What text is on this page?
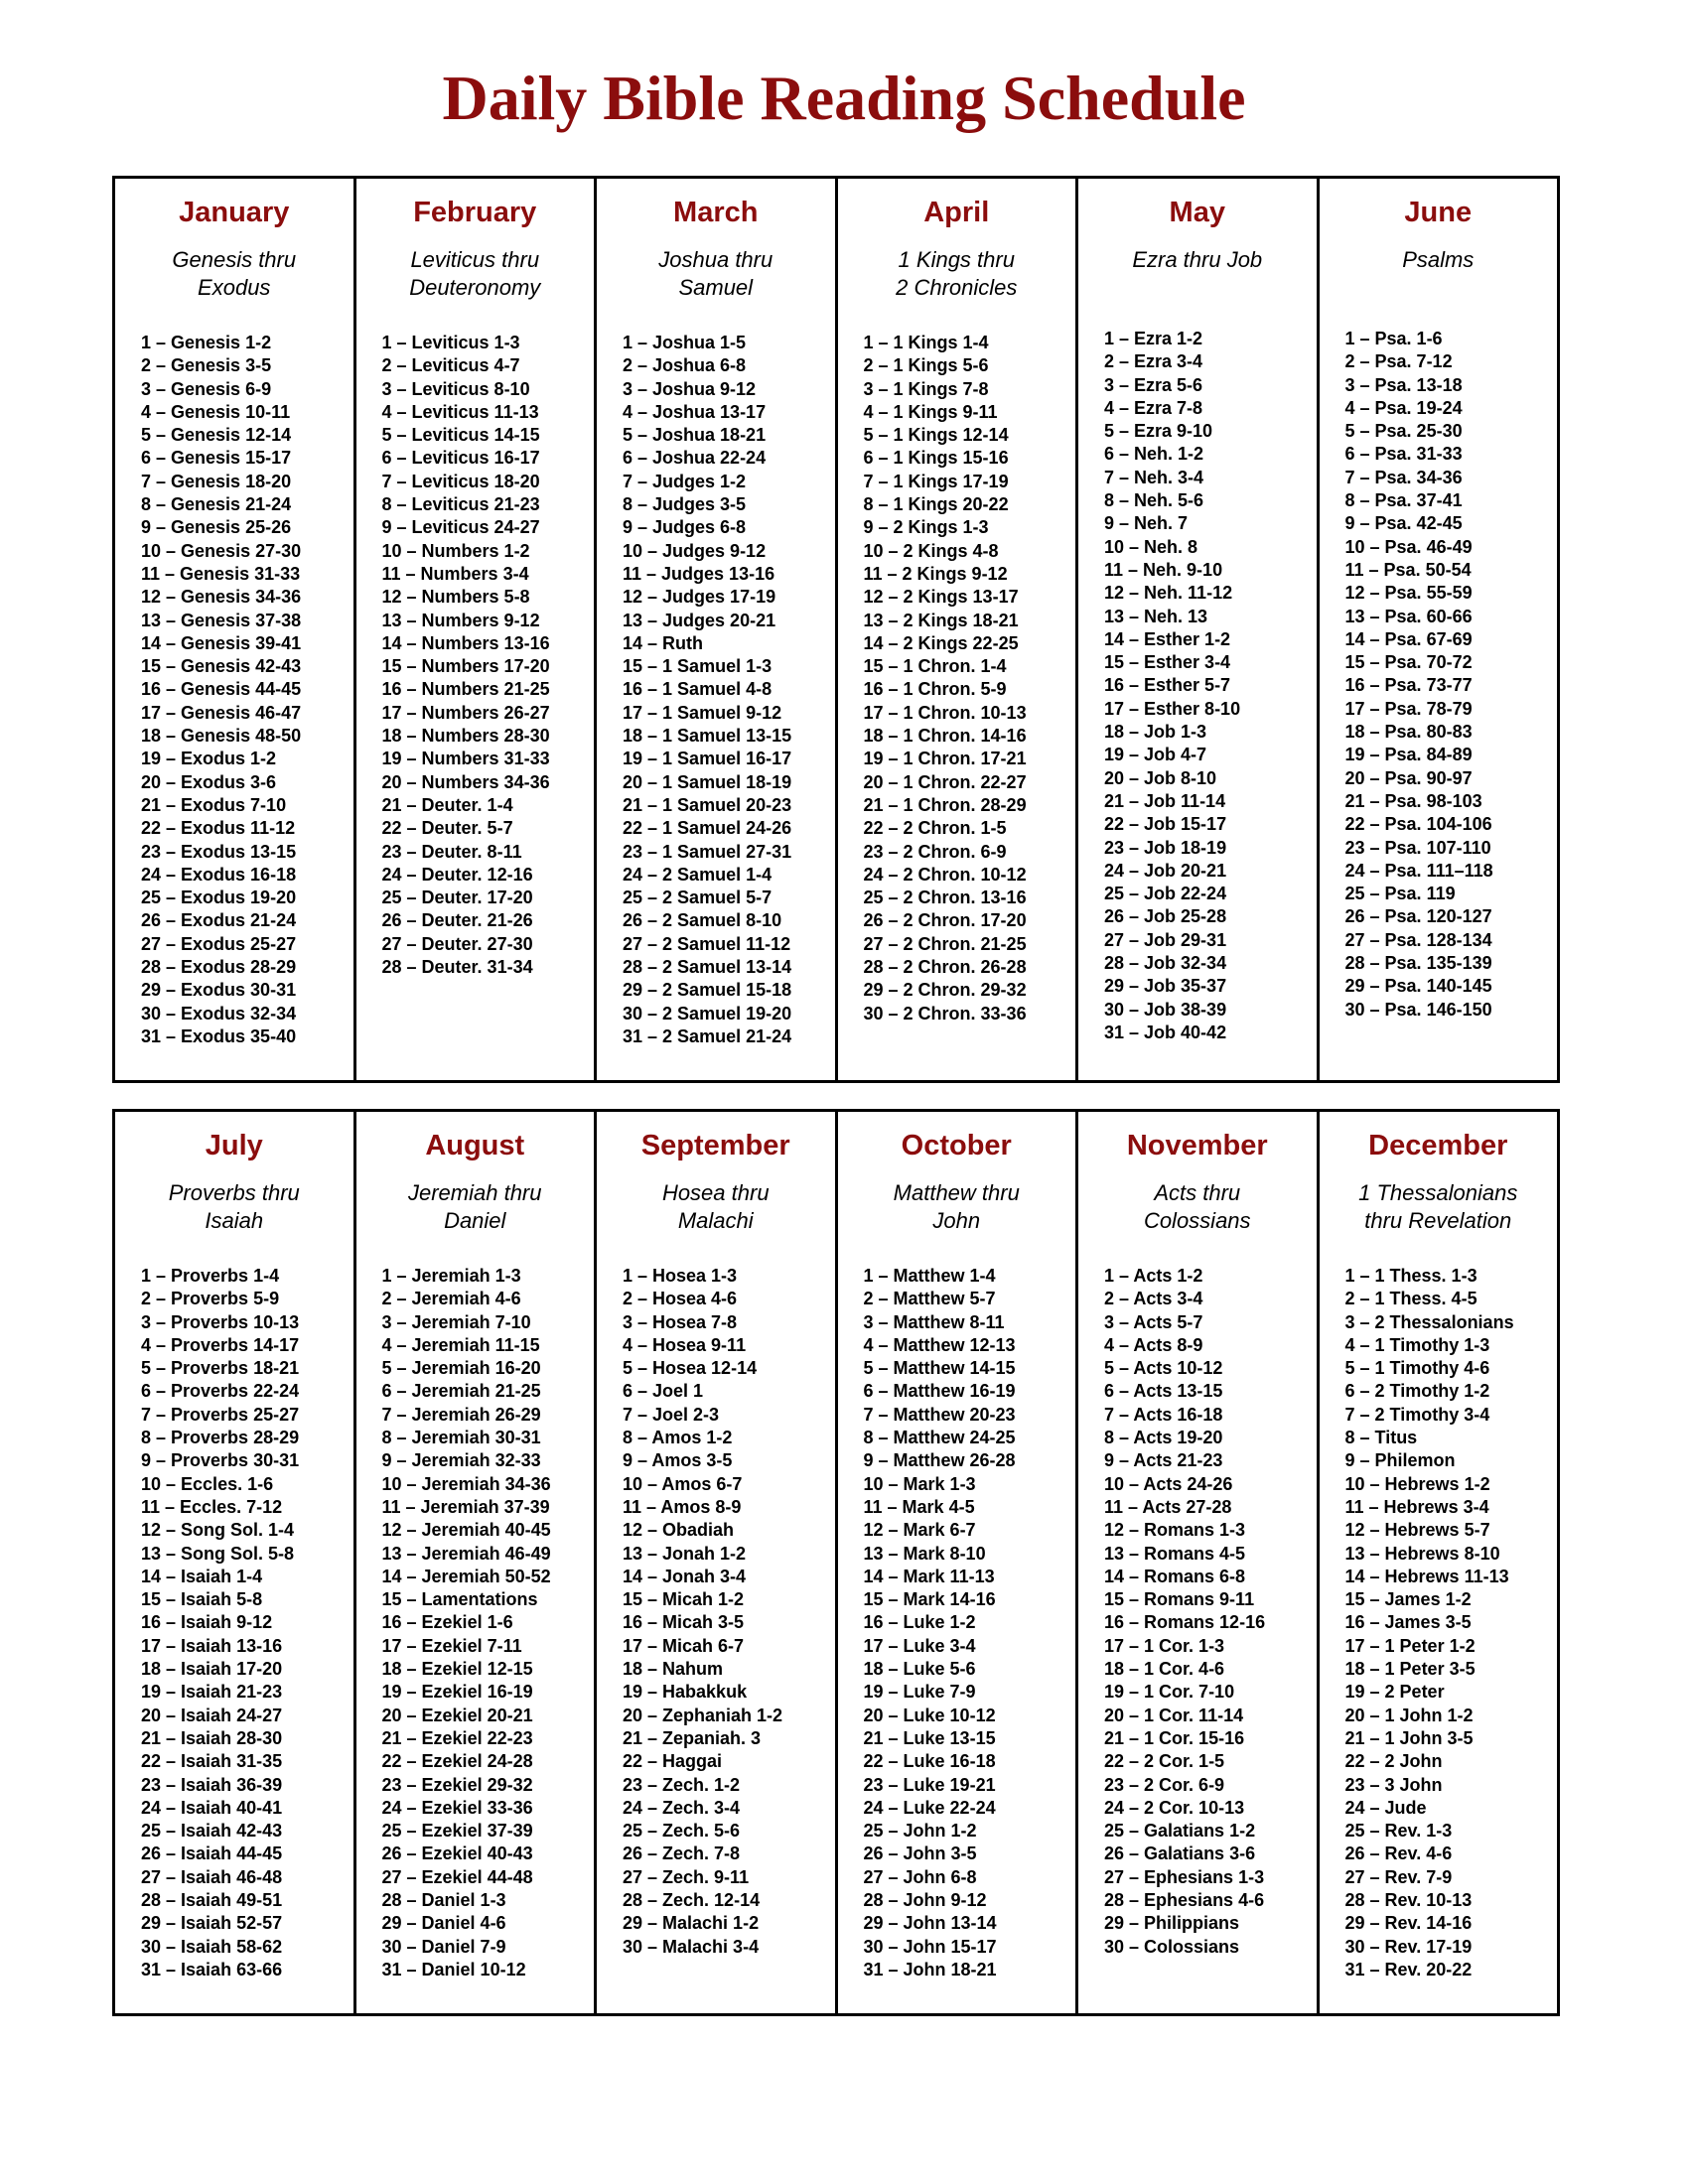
Daily Bible Reading Schedule
January
Genesis thru
Exodus
1 – Genesis 1-2
2 – Genesis 3-5
3 – Genesis 6-9
4 – Genesis 10-11
5 – Genesis 12-14
6 – Genesis 15-17
7 – Genesis 18-20
8 – Genesis 21-24
9 – Genesis 25-26
10 – Genesis 27-30
11 – Genesis 31-33
12 – Genesis 34-36
13 – Genesis 37-38
14 – Genesis 39-41
15 – Genesis 42-43
16 – Genesis 44-45
17 – Genesis 46-47
18 – Genesis 48-50
19 – Exodus 1-2
20 – Exodus 3-6
21 – Exodus 7-10
22 – Exodus 11-12
23 – Exodus 13-15
24 – Exodus 16-18
25 – Exodus 19-20
26 – Exodus 21-24
27 – Exodus 25-27
28 – Exodus 28-29
29 – Exodus 30-31
30 – Exodus 32-34
31 – Exodus 35-40
February
Leviticus thru
Deuteronomy
1 – Leviticus 1-3
2 – Leviticus 4-7
3 – Leviticus 8-10
4 – Leviticus 11-13
5 – Leviticus 14-15
6 – Leviticus 16-17
7 – Leviticus 18-20
8 – Leviticus 21-23
9 – Leviticus 24-27
10 – Numbers 1-2
11 – Numbers 3-4
12 – Numbers 5-8
13 – Numbers 9-12
14 – Numbers 13-16
15 – Numbers 17-20
16 – Numbers 21-25
17 – Numbers 26-27
18 – Numbers 28-30
19 – Numbers 31-33
20 – Numbers 34-36
21 – Deuter. 1-4
22 – Deuter. 5-7
23 – Deuter. 8-11
24 – Deuter. 12-16
25 – Deuter. 17-20
26 – Deuter. 21-26
27 – Deuter. 27-30
28 – Deuter. 31-34
March
Joshua thru
Samuel
1 – Joshua 1-5
2 – Joshua 6-8
3 – Joshua 9-12
4 – Joshua 13-17
5 – Joshua 18-21
6 – Joshua 22-24
7 – Judges 1-2
8 – Judges 3-5
9 – Judges 6-8
10 – Judges 9-12
11 – Judges 13-16
12 – Judges 17-19
13 – Judges 20-21
14 – Ruth
15 – 1 Samuel 1-3
16 – 1 Samuel 4-8
17 – 1 Samuel 9-12
18 – 1 Samuel 13-15
19 – 1 Samuel 16-17
20 – 1 Samuel 18-19
21 – 1 Samuel 20-23
22 – 1 Samuel 24-26
23 – 1 Samuel 27-31
24 – 2 Samuel 1-4
25 – 2 Samuel 5-7
26 – 2 Samuel 8-10
27 – 2 Samuel 11-12
28 – 2 Samuel 13-14
29 – 2 Samuel 15-18
30 – 2 Samuel 19-20
31 – 2 Samuel 21-24
April
1 Kings thru
2 Chronicles
1 – 1 Kings 1-4
2 – 1 Kings 5-6
3 – 1 Kings 7-8
4 – 1 Kings 9-11
5 – 1 Kings 12-14
6 – 1 Kings 15-16
7 – 1 Kings 17-19
8 – 1 Kings 20-22
9 – 2 Kings 1-3
10 – 2 Kings 4-8
11 – 2 Kings 9-12
12 – 2 Kings 13-17
13 – 2 Kings 18-21
14 – 2 Kings 22-25
15 – 1 Chron. 1-4
16 – 1 Chron. 5-9
17 – 1 Chron. 10-13
18 – 1 Chron. 14-16
19 – 1 Chron. 17-21
20 – 1 Chron. 22-27
21 – 1 Chron. 28-29
22 – 2 Chron. 1-5
23 – 2 Chron. 6-9
24 – 2 Chron. 10-12
25 – 2 Chron. 13-16
26 – 2 Chron. 17-20
27 – 2 Chron. 21-25
28 – 2 Chron. 26-28
29 – 2 Chron. 29-32
30 – 2 Chron. 33-36
May
Ezra thru Job
1 – Ezra 1-2
2 – Ezra 3-4
3 – Ezra 5-6
4 – Ezra 7-8
5 – Ezra 9-10
6 – Neh. 1-2
7 – Neh. 3-4
8 – Neh. 5-6
9 – Neh. 7
10 – Neh. 8
11 – Neh. 9-10
12 – Neh. 11-12
13 – Neh. 13
14 – Esther 1-2
15 – Esther 3-4
16 – Esther 5-7
17 – Esther 8-10
18 – Job 1-3
19 – Job 4-7
20 – Job 8-10
21 – Job 11-14
22 – Job 15-17
23 – Job 18-19
24 – Job 20-21
25 – Job 22-24
26 – Job 25-28
27 – Job 29-31
28 – Job 32-34
29 – Job 35-37
30 – Job 38-39
31 – Job 40-42
June
Psalms
1 – Psa. 1-6
2 – Psa. 7-12
3 – Psa. 13-18
4 – Psa. 19-24
5 – Psa. 25-30
6 – Psa. 31-33
7 – Psa. 34-36
8 – Psa. 37-41
9 – Psa. 42-45
10 – Psa. 46-49
11 – Psa. 50-54
12 – Psa. 55-59
13 – Psa. 60-66
14 – Psa. 67-69
15 – Psa. 70-72
16 – Psa. 73-77
17 – Psa. 78-79
18 – Psa. 80-83
19 – Psa. 84-89
20 – Psa. 90-97
21 – Psa. 98-103
22 – Psa. 104-106
23 – Psa. 107-110
24 – Psa. 111–118
25 – Psa. 119
26 – Psa. 120-127
27 – Psa. 128-134
28 – Psa. 135-139
29 – Psa. 140-145
30 – Psa. 146-150
July
Proverbs thru
Isaiah
1 – Proverbs 1-4
2 – Proverbs 5-9
3 – Proverbs 10-13
4 – Proverbs 14-17
5 – Proverbs 18-21
6 – Proverbs 22-24
7 – Proverbs 25-27
8 – Proverbs 28-29
9 – Proverbs 30-31
10 – Eccles. 1-6
11 – Eccles. 7-12
12 – Song Sol. 1-4
13 – Song Sol. 5-8
14 – Isaiah 1-4
15 – Isaiah 5-8
16 – Isaiah 9-12
17 – Isaiah 13-16
18 – Isaiah 17-20
19 – Isaiah 21-23
20 – Isaiah 24-27
21 – Isaiah 28-30
22 – Isaiah 31-35
23 – Isaiah 36-39
24 – Isaiah 40-41
25 – Isaiah 42-43
26 – Isaiah 44-45
27 – Isaiah 46-48
28 – Isaiah 49-51
29 – Isaiah 52-57
30 – Isaiah 58-62
31 – Isaiah 63-66
August
Jeremiah thru
Daniel
1 – Jeremiah 1-3
2 – Jeremiah 4-6
3 – Jeremiah 7-10
4 – Jeremiah 11-15
5 – Jeremiah 16-20
6 – Jeremiah 21-25
7 – Jeremiah 26-29
8 – Jeremiah 30-31
9 – Jeremiah 32-33
10 – Jeremiah 34-36
11 – Jeremiah 37-39
12 – Jeremiah 40-45
13 – Jeremiah 46-49
14 – Jeremiah 50-52
15 – Lamentations
16 – Ezekiel 1-6
17 – Ezekiel 7-11
18 – Ezekiel 12-15
19 – Ezekiel 16-19
20 – Ezekiel 20-21
21 – Ezekiel 22-23
22 – Ezekiel 24-28
23 – Ezekiel 29-32
24 – Ezekiel 33-36
25 – Ezekiel 37-39
26 – Ezekiel 40-43
27 – Ezekiel 44-48
28 – Daniel 1-3
29 – Daniel 4-6
30 – Daniel 7-9
31 – Daniel 10-12
September
Hosea thru
Malachi
1 – Hosea 1-3
2 – Hosea 4-6
3 – Hosea 7-8
4 – Hosea 9-11
5 – Hosea 12-14
6 – Joel 1
7 – Joel 2-3
8 – Amos 1-2
9 – Amos 3-5
10 – Amos 6-7
11 – Amos 8-9
12 – Obadiah
13 – Jonah 1-2
14 – Jonah 3-4
15 – Micah 1-2
16 – Micah 3-5
17 – Micah 6-7
18 – Nahum
19 – Habakkuk
20 – Zephaniah 1-2
21 – Zepaniah. 3
22 – Haggai
23 – Zech. 1-2
24 – Zech. 3-4
25 – Zech. 5-6
26 – Zech. 7-8
27 – Zech. 9-11
28 – Zech. 12-14
29 – Malachi 1-2
30 – Malachi 3-4
October
Matthew thru
John
1 – Matthew 1-4
2 – Matthew 5-7
3 – Matthew 8-11
4 – Matthew 12-13
5 – Matthew 14-15
6 – Matthew 16-19
7 – Matthew 20-23
8 – Matthew 24-25
9 – Matthew 26-28
10 – Mark 1-3
11 – Mark 4-5
12 – Mark 6-7
13 – Mark 8-10
14 – Mark 11-13
15 – Mark 14-16
16 – Luke 1-2
17 – Luke 3-4
18 – Luke 5-6
19 – Luke 7-9
20 – Luke 10-12
21 – Luke 13-15
22 – Luke 16-18
23 – Luke 19-21
24 – Luke 22-24
25 – John 1-2
26 – John 3-5
27 – John 6-8
28 – John 9-12
29 – John 13-14
30 – John 15-17
31 – John 18-21
November
Acts thru
Colossians
1 – Acts 1-2
2 – Acts 3-4
3 – Acts 5-7
4 – Acts 8-9
5 – Acts 10-12
6 – Acts 13-15
7 – Acts 16-18
8 – Acts 19-20
9 – Acts 21-23
10 – Acts 24-26
11 – Acts 27-28
12 – Romans 1-3
13 – Romans 4-5
14 – Romans 6-8
15 – Romans 9-11
16 – Romans 12-16
17 – 1 Cor. 1-3
18 – 1 Cor. 4-6
19 – 1 Cor. 7-10
20 – 1 Cor. 11-14
21 – 1 Cor. 15-16
22 – 2 Cor. 1-5
23 – 2 Cor. 6-9
24 – 2 Cor. 10-13
25 – Galatians 1-2
26 – Galatians 3-6
27 – Ephesians 1-3
28 – Ephesians 4-6
29 – Philippians
30 – Colossians
December
1 Thessalonians
thru Revelation
1 – 1 Thess. 1-3
2 – 1 Thess. 4-5
3 – 2 Thessalonians
4 – 1 Timothy 1-3
5 – 1 Timothy 4-6
6 – 2 Timothy 1-2
7 – 2 Timothy 3-4
8 – Titus
9 – Philemon
10 – Hebrews 1-2
11 – Hebrews 3-4
12 – Hebrews 5-7
13 – Hebrews 8-10
14 – Hebrews 11-13
15 – James 1-2
16 – James 3-5
17 – 1 Peter 1-2
18 – 1 Peter 3-5
19 – 2 Peter
20 – 1 John 1-2
21 – 1 John 3-5
22 – 2 John
23 – 3 John
24 – Jude
25 – Rev. 1-3
26 – Rev. 4-6
27 – Rev. 7-9
28 – Rev. 10-13
29 – Rev. 14-16
30 – Rev. 17-19
31 – Rev. 20-22
